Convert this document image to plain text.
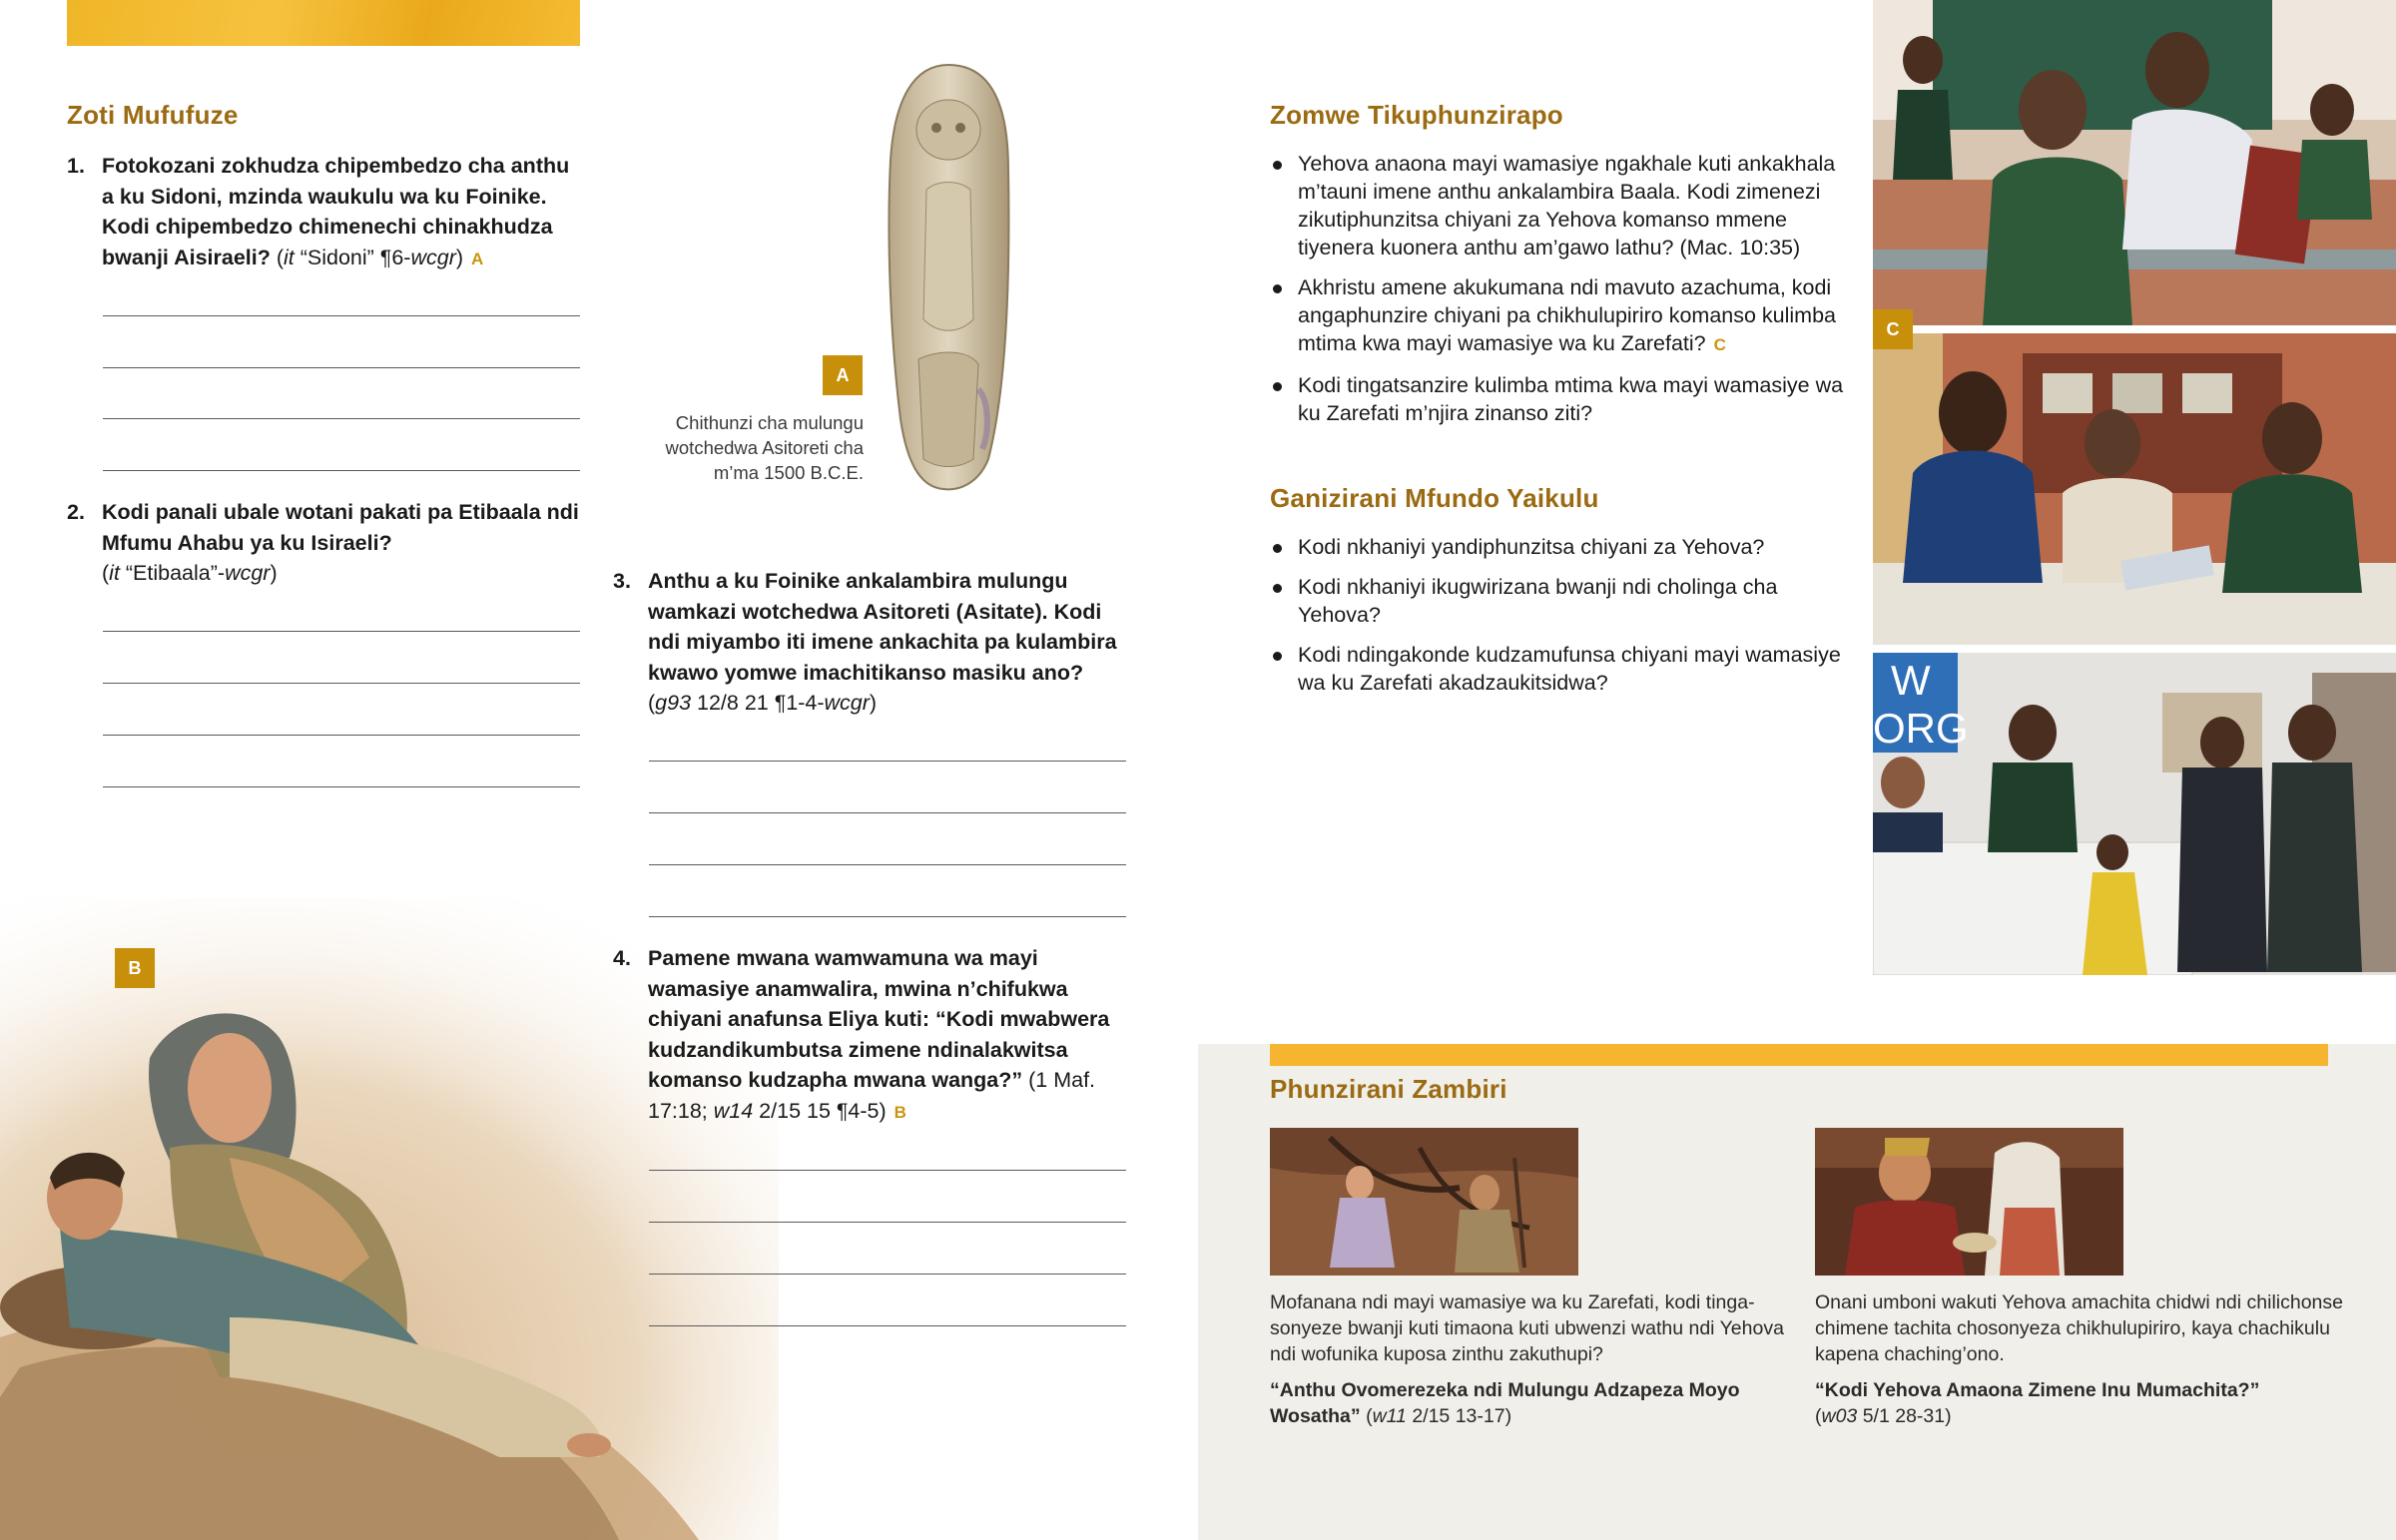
Zoti Mufufuze
1. Fotokozani zokhudza chipembedzo cha anthu a ku Sidoni, mzinda waukulu wa ku Foinike. Kodi chipembedzo chimenechi chinakhudza bwanji Aisiraeli? (it “Sidoni” ¶6-wcgr) A
2. Kodi panali ubale wotani pakati pa Etibaala ndi Mfumu Ahabu ya ku Isiraeli?
(it “Etibaala”-wcgr)
B
A
Chithunzi cha mulungu wotchedwa Asitoreti cha m’ma 1500 B.C.E.
3. Anthu a ku Foinike ankalambira mulungu wamkazi wotchedwa Asitoreti (Asitate). Kodi ndi miyambo iti imene ankachita pa kulambira kwawo yomwe imachitikanso masiku ano?
(g93 12/8 21 ¶1-4-wcgr)
4. Pamene mwana wamwamuna wa mayi wamasiye anamwalira, mwina n’chifukwa chiyani anafunsa Eliya kuti: “Kodi mwabwera kudzandikumbutsa zimene ndinalakwitsa komanso kudzapha mwana wanga?” (1 Maf. 17:18; w14 2/15 15 ¶4-5) B
Zomwe Tikuphunzirapo
Yehova anaona mayi wamasiye ngakhale kuti ankakhala m’tauni imene anthu ankalambira Baala. Kodi zimenezi zikutiphunzitsa chiyani za Yehova komanso mmene tiyenera kuonera anthu am’gawo lathu? (Mac. 10:35)
Akhristu amene akukumana ndi mavuto azachuma, kodi angaphunzire chiyani pa chikhulupiriro komanso kulimba mtima kwa mayi wamasiye wa ku Zarefati? C
Kodi tingatsanzire kulimba mtima kwa mayi wamasiye wa ku Zarefati m’njira zinanso ziti?
Ganizirani Mfundo Yaikulu
Kodi nkhaniyi yandiphunzitsa chiyani za Yehova?
Kodi nkhaniyi ikugwirizana bwanji ndi cholinga cha Yehova?
Kodi ndingakonde kudzamufunsa chiyani mayi wamasiye wa ku Zarefati akadzaukitsidwa?
C
W
ORG
Phunzirani Zambiri
Mofanana ndi mayi wamasiye wa ku Zarefati, kodi tingasonyeze bwanji kuti timaona kuti ubwenzi wathu ndi Yehova ndi wofunika kuposa zinthu zakuthupi?
“Anthu Ovomerezeka ndi Mulungu Adzapeza Moyo Wosatha” (w11 2/15 13-17)
Onani umboni wakuti Yehova amachita chidwi ndi chilichonse chimene tachita chosonyeza chikhulupiriro, kaya chachikulu kapena chaching’ono.
“Kodi Yehova Amaona Zimene Inu Mumachita?”
(w03 5/1 28-31)
